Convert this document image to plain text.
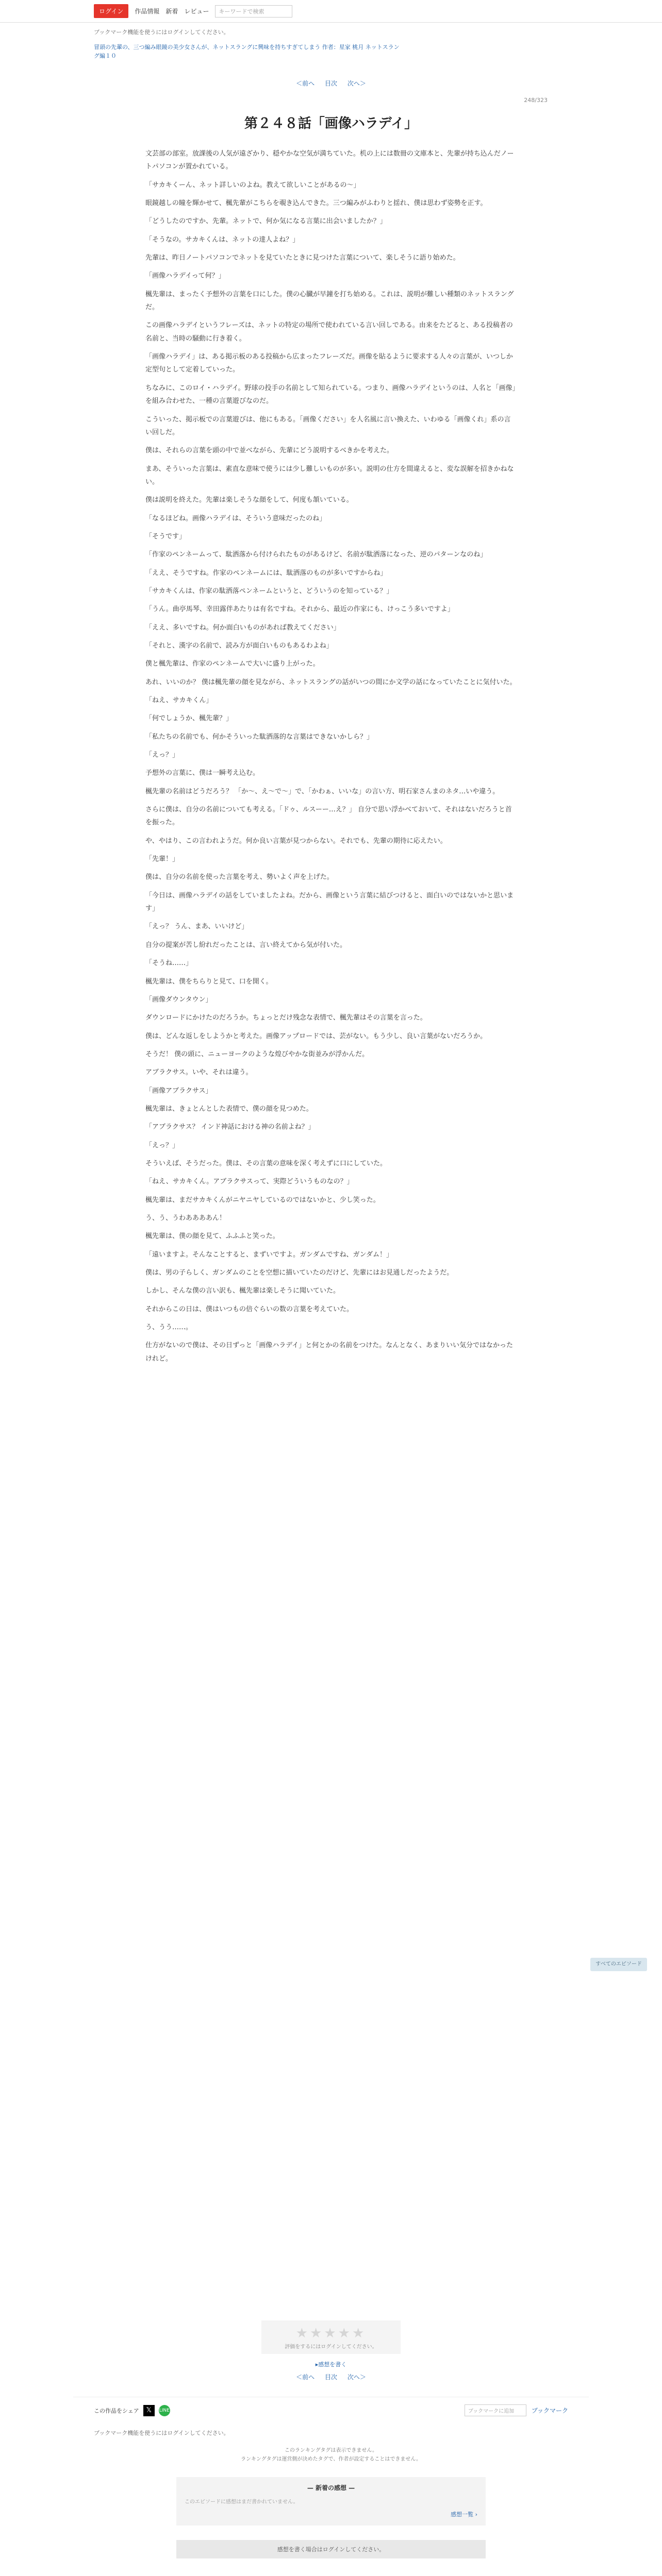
ログイン	作品情報 新着 レビュー	キーワードで検索
ブックマーク機能を使うにはログインしてください。
冒頭の先輩の、三つ編み眼鏡の美少女さんが、ネットスラングに興味を持ちすぎてしまう 作者：星家 桃月 ネットスラング編１０
＜前へ 目次 次へ＞
248/323
第２４８話「画像ハラデイ」

文芸部の部室。放課後の人気が遠ざかり、穏やかな空気が満ちていた。机の上には数冊の文庫本と、先輩が持ち込んだノートパソコンが置かれている。

「サカキくーん、ネット詳しいのよね。教えて欲しいことがあるの〜」

眼鏡越しの瞳を輝かせて、楓先輩がこちらを覗き込んできた。三つ編みがふわりと揺れ、僕は思わず姿勢を正す。

「どうしたのですか、先輩。ネットで、何か気になる言葉に出会いましたか？」

「そうなの。サカキくんは、ネットの達人よね？」

先輩は、昨日ノートパソコンでネットを見ていたときに見つけた言葉について、楽しそうに語り始めた。

「画像ハラデイって何？」

楓先輩は、まったく予想外の言葉を口にした。僕の心臓が早鐘を打ち始める。これは、説明が難しい種類のネットスラングだ。

この画像ハラデイというフレーズは、ネットの特定の場所で使われている言い回しである。由来をたどると、ある投稿者の名前と、当時の騒動に行き着く。

「画像ハラデイ」は、ある掲示板のある投稿から広まったフレーズだ。画像を貼るように要求する人々の言葉が、いつしか定型句として定着していった。

ちなみに、このロイ・ハラデイ。野球の投手の名前として知られている。つまり、画像ハラデイというのは、人名と「画像」を組み合わせた、一種の言葉遊びなのだ。

こういった、掲示板での言葉遊びは、他にもある。「画像ください」を人名風に言い換えた、いわゆる「画像くれ」系の言い回しだ。

僕は、それらの言葉を頭の中で並べながら、先輩にどう説明するべきかを考えた。

まあ、そういった言葉は、素直な意味で使うには少し難しいものが多い。説明の仕方を間違えると、変な誤解を招きかねない。

僕は説明を終えた。先輩は楽しそうな顔をして、何度も頷いている。

「なるほどね。画像ハラデイは、そういう意味だったのね」

「そうです」

「作家のペンネームって、駄洒落から付けられたものがあるけど、名前が駄洒落になった、逆のパターンなのね」

「ええ、そうですね。作家のペンネームには、駄洒落のものが多いですからね」

「サカキくんは、作家の駄洒落ペンネームというと、どういうのを知っている？」

「うん。曲亭馬琴、幸田露伴あたりは有名ですね。それから、最近の作家にも、けっこう多いですよ」

「ええ、多いですね。何か面白いものがあれば教えてください」

「それと、漢字の名前で、読み方が面白いものもあるわよね」

僕と楓先輩は、作家のペンネームで大いに盛り上がった。

あれ、いいのか？ 僕は楓先輩の顔を見ながら、ネットスラングの話がいつの間にか文学の話になっていたことに気付いた。

「ねえ、サカキくん」

「何でしょうか、楓先輩？」

「私たちの名前でも、何かそういった駄洒落的な言葉はできないかしら？」

「えっ？」

予想外の言葉に、僕は一瞬考え込む。

楓先輩の名前はどうだろう？ 「か〜、え〜で〜」で、「かわぁ、いいな」の言い方、明石家さんまのネタ…いや違う。

さらに僕は、自分の名前についても考える。「ドゥ、ルスーー…え？」 自分で思い浮かべておいて、それはないだろうと首を振った。

や、やはり、この言われようだ。何か良い言葉が見つからない。それでも、先輩の期待に応えたい。

「先輩！」

僕は、自分の名前を使った言葉を考え、勢いよく声を上げた。

「今日は、画像ハラデイの話をしていましたよね。だから、画像という言葉に結びつけると、面白いのではないかと思います」

「えっ？ うん、まあ、いいけど」

自分の提案が苦し紛れだったことは、言い終えてから気が付いた。

「そうね……」

楓先輩は、僕をちらりと見て、口を開く。

「画像ダウンタウン」

ダウンロードにかけたのだろうか。ちょっとだけ残念な表情で、楓先輩はその言葉を言った。

僕は、どんな返しをしようかと考えた。画像アップロードでは、芸がない。もう少し、良い言葉がないだろうか。

そうだ！ 僕の頭に、ニューヨークのような煌びやかな街並みが浮かんだ。

アブラクサス。いや、それは違う。

「画像アブラクサス」

楓先輩は、きょとんとした表情で、僕の顔を見つめた。

「アブラクサス？ インド神話における神の名前よね？」

「えっ？」

そういえば、そうだった。僕は、その言葉の意味を深く考えずに口にしていた。

「ねえ、サカキくん。アブラクサスって、実際どういうものなの？」

楓先輩は、まだサカキくんがニヤニヤしているのではないかと、少し笑った。

う、う、うわああああん！

楓先輩は、僕の顔を見て、ふふふと笑った。

「遠いますよ。そんなことすると、まずいですよ。ガンダムですね、ガンダム！」

僕は、男の子らしく、ガンダムのことを空想に描いていたのだけど、先輩にはお見通しだったようだ。

しかし、そんな僕の言い訳も、楓先輩は楽しそうに聞いていた。

それからこの日は、僕はいつもの倍ぐらいの数の言葉を考えていた。

う、うう……。

仕方がないので僕は、その日ずっと「画像ハラデイ」と何とかの名前をつけた。なんとなく、あまりいい気分ではなかったけれど。

★★★★★
評価をするにはログインしてください。
▸感想を書く
＜前へ 目次 次へ＞
すべてのエピソード
この作品をシェア	𝕏	LINE	ブックマークに追加	ブックマーク
ブックマーク機能を使うにはログインしてください。
このランキングタグは表示できません。
ランキングタグは運営側が決めたタグで、作者が設定することはできません。
— 新着の感想 —
このエピソードに感想はまだ書かれていません。
感想一覧 ›
感想を書く場合はログインしてください。
